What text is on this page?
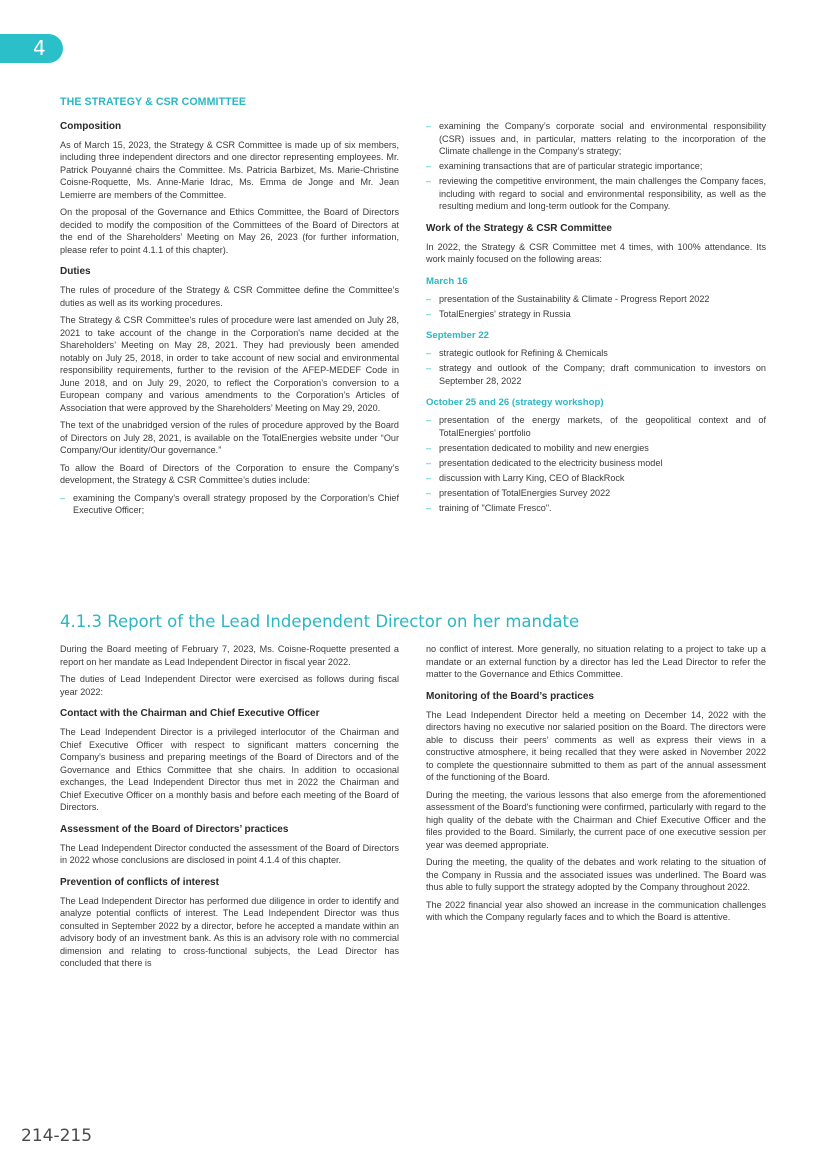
4
THE STRATEGY & CSR COMMITTEE
Composition

As of March 15, 2023, the Strategy & CSR Committee is made up of six members, including three independent directors and one director representing employees. Mr. Patrick Pouyanné chairs the Committee. Ms. Patricia Barbizet, Ms. Marie-Christine Coisne-Roquette, Ms. Anne-Marie Idrac, Ms. Emma de Jonge and Mr. Jean Lemierre are members of the Committee.

On the proposal of the Governance and Ethics Committee, the Board of Directors decided to modify the composition of the Committees of the Board of Directors at the end of the Shareholders’ Meeting on May 26, 2023 (for further information, please refer to point 4.1.1 of this chapter).

Duties

The rules of procedure of the Strategy & CSR Committee define the Committee’s duties as well as its working procedures.

The Strategy & CSR Committee's rules of procedure were last amended on July 28, 2021 to take account of the change in the Corporation's name decided at the Shareholders’ Meeting on May 28, 2021. They had previously been amended notably on July 25, 2018, in order to take account of new social and environmental responsibility requirements, further to the revision of the AFEP-MEDEF Code in June 2018, and on July 29, 2020, to reflect the Corporation’s conversion to a European company and various amendments to the Corporation’s Articles of Association that were approved by the Shareholders’ Meeting on May 29, 2020.

The text of the unabridged version of the rules of procedure approved by the Board of Directors on July 28, 2021, is available on the TotalEnergies website under “Our Company/Our identity/Our governance.”

To allow the Board of Directors of the Corporation to ensure the Company’s development, the Strategy & CSR Committee’s duties include:

– examining the Company’s overall strategy proposed by the Corporation’s Chief Executive Officer;
– examining the Company’s corporate social and environmental responsibility (CSR) issues and, in particular, matters relating to the incorporation of the Climate challenge in the Company’s strategy;
– examining transactions that are of particular strategic importance;
– reviewing the competitive environment, the main challenges the Company faces, including with regard to social and environmental responsibility, as well as the resulting medium and long-term outlook for the Company.
Work of the Strategy & CSR Committee

In 2022, the Strategy & CSR Committee met 4 times, with 100% attendance. Its work mainly focused on the following areas:

March 16
– presentation of the Sustainability & Climate - Progress Report 2022
– TotalEnergies' strategy in Russia
September 22
– strategic outlook for Refining & Chemicals
– strategy and outlook of the Company; draft communication to investors on September 28, 2022
October 25 and 26 (strategy workshop)
– presentation of the energy markets, of the geopolitical context and of TotalEnergies' portfolio
– presentation dedicated to mobility and new energies
– presentation dedicated to the electricity business model
– discussion with Larry King, CEO of BlackRock
– presentation of TotalEnergies Survey 2022
– training of "Climate Fresco".
4.1.3 Report of the Lead Independent Director on her mandate

During the Board meeting of February 7, 2023, Ms. Coisne-Roquette presented a report on her mandate as Lead Independent Director in fiscal year 2022.

The duties of Lead Independent Director were exercised as follows during fiscal year 2022:

Contact with the Chairman and Chief Executive Officer

The Lead Independent Director is a privileged interlocutor of the Chairman and Chief Executive Officer with respect to significant matters concerning the Company’s business and preparing meetings of the Board of Directors and of the Governance and Ethics Committee that she chairs. In addition to occasional exchanges, the Lead Independent Director thus met in 2022 the Chairman and Chief Executive Officer on a monthly basis and before each meeting of the Board of Directors.

Assessment of the Board of Directors’ practices

The Lead Independent Director conducted the assessment of the Board of Directors in 2022 whose conclusions are disclosed in point 4.1.4 of this chapter.

Prevention of conflicts of interest

The Lead Independent Director has performed due diligence in order to identify and analyze potential conflicts of interest. The Lead Independent Director was thus consulted in September 2022 by a director, before he accepted a mandate within an advisory body of an investment bank. As this is an advisory role with no commercial dimension and relating to cross-functional subjects, the Lead Director has concluded that there is

no conflict of interest. More generally, no situation relating to a project to take up a mandate or an external function by a director has led the Lead Director to refer the matter to the Governance and Ethics Committee.

Monitoring of the Board’s practices

The Lead Independent Director held a meeting on December 14, 2022 with the directors having no executive nor salaried position on the Board. The directors were able to discuss their peers’ comments as well as express their views in a constructive atmosphere, it being recalled that they were asked in November 2022 to complete the questionnaire submitted to them as part of the annual assessment of the functioning of the Board.

During the meeting, the various lessons that also emerge from the aforementioned assessment of the Board's functioning were confirmed, particularly with regard to the high quality of the debate with the Chairman and Chief Executive Officer and the files provided to the Board. Similarly, the current pace of one executive session per year was deemed appropriate.

During the meeting, the quality of the debates and work relating to the situation of the Company in Russia and the associated issues was underlined. The Board was thus able to fully support the strategy adopted by the Company throughout 2022.

The 2022 financial year also showed an increase in the communication challenges with which the Company regularly faces and to which the Board is attentive.

214-215
